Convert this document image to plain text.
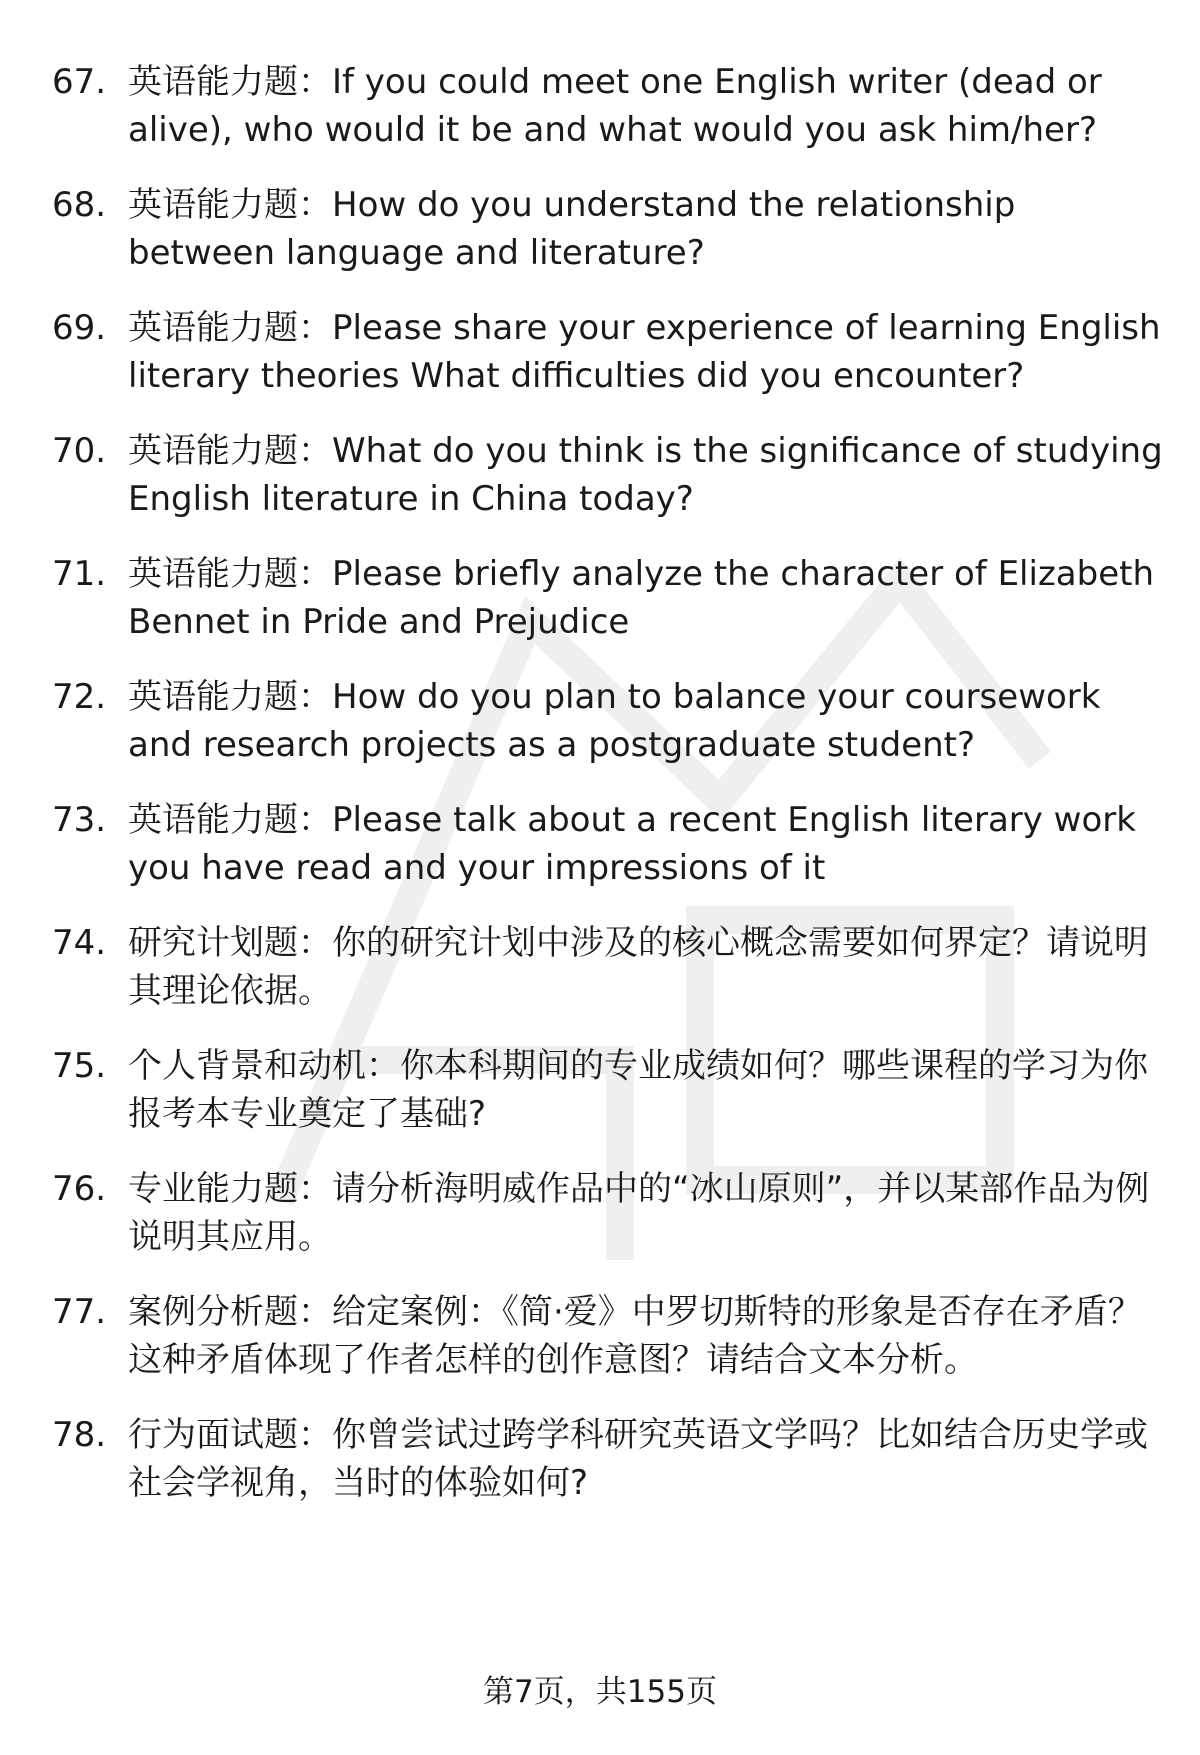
67. 英语能力题：If you could meet one English writer (dead or alive), who would it be and what would you ask him/her?
68. 英语能力题：How do you understand the relationship between language and literature?
69. 英语能力题：Please share your experience of learning English literary theories What difficulties did you encounter?
70. 英语能力题：What do you think is the significance of studying English literature in China today?
71. 英语能力题：Please briefly analyze the character of Elizabeth Bennet in Pride and Prejudice
72. 英语能力题：How do you plan to balance your coursework and research projects as a postgraduate student?
73. 英语能力题：Please talk about a recent English literary work you have read and your impressions of it
74. 研究计划题：你的研究计划中涉及的核心概念需要如何界定？请说明其理论依据。
75. 个人背景和动机：你本科期间的专业成绩如何？哪些课程的学习为你报考本专业奠定了基础?
76. 专业能力题：请分析海明威作品中的“冰山原则”，并以某部作品为例说明其应用。
77. 案例分析题：给定案例：《简·爱》中罗切斯特的形象是否存在矛盾？这种矛盾体现了作者怎样的创作意图？请结合文本分析。
78. 行为面试题：你曾尝试过跨学科研究英语文学吗？比如结合历史学或社会学视角，当时的体验如何?
第7页，共155页
